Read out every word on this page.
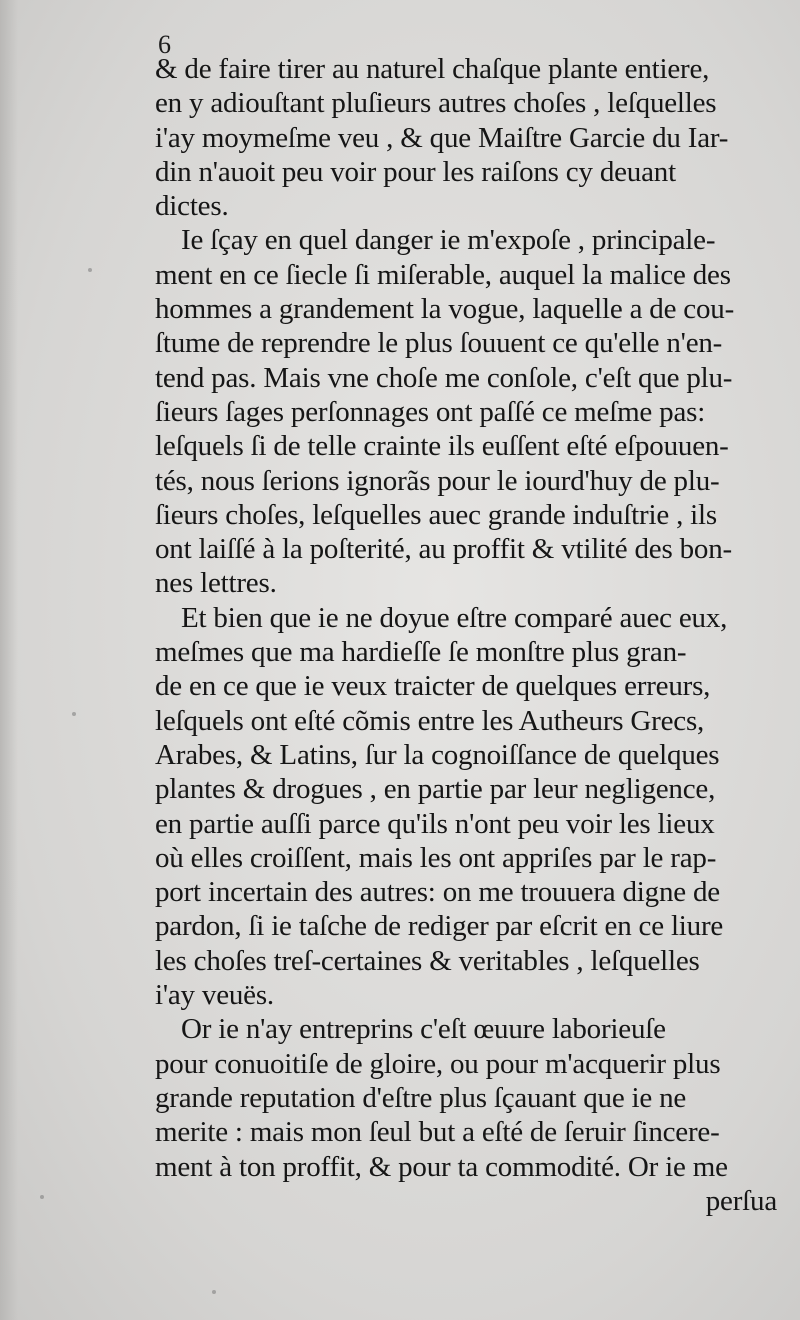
6
& de faire tirer au naturel chaſque plante entiere,
en y adiouſtant pluſieurs autres choſes , leſquelles
i'ay moymeſme veu , & que Maiſtre Garcie du Iar-
din n'auoit peu voir pour les raiſons cy deuant
dictes.
Ie ſçay en quel danger ie m'expoſe , principale-
ment en ce ſiecle ſi miſerable, auquel la malice des
hommes a grandement la vogue, laquelle a de cou-
ſtume de reprendre le plus ſouuent ce qu'elle n'en-
tend pas. Mais vne choſe me conſole, c'eſt que plu-
ſieurs ſages perſonnages ont paſſé ce meſme pas:
leſquels ſi de telle crainte ils euſſent eſté eſpouuen-
tés, nous ſerions ignorãs pour le iourd'huy de plu-
ſieurs choſes, leſquelles auec grande induſtrie , ils
ont laiſſé à la poſterité, au proffit & vtilité des bon-
nes lettres.
Et bien que ie ne doyue eſtre comparé auec eux,
meſmes que ma hardieſſe ſe monſtre plus gran-
de en ce que ie veux traicter de quelques erreurs,
leſquels ont eſté cõmis entre les Autheurs Grecs,
Arabes, & Latins, ſur la cognoiſſance de quelques
plantes & drogues , en partie par leur negligence,
en partie auſſi parce qu'ils n'ont peu voir les lieux
où elles croiſſent, mais les ont appriſes par le rap-
port incertain des autres: on me trouuera digne de
pardon, ſi ie taſche de rediger par eſcrit en ce liure
les choſes treſ-certaines & veritables , leſquelles
i'ay veuës.
Or ie n'ay entreprins c'eſt œuure laborieuſe
pour conuoitiſe de gloire, ou pour m'acquerir plus
grande reputation d'eſtre plus ſçauant que ie ne
merite : mais mon ſeul but a eſté de ſeruir ſincere-
ment à ton proffit, & pour ta commodité. Or ie me
perſua
